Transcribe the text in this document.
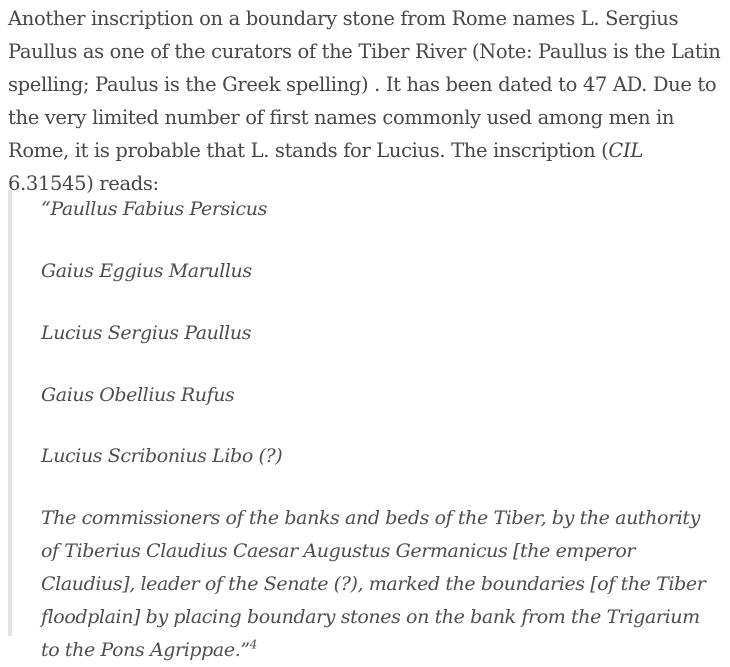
Another inscription on a boundary stone from Rome names L. Sergius Paullus as one of the curators of the Tiber River (Note: Paullus is the Latin spelling; Paulus is the Greek spelling) . It has been dated to 47 AD. Due to the very limited number of first names commonly used among men in Rome, it is probable that L. stands for Lucius. The inscription (CIL 6.31545) reads:

“Paullus Fabius Persicus

Gaius Eggius Marullus

Lucius Sergius Paullus

Gaius Obellius Rufus

Lucius Scribonius Libo (?)

The commissioners of the banks and beds of the Tiber, by the authority of Tiberius Claudius Caesar Augustus Germanicus [the emperor Claudius], leader of the Senate (?), marked the boundaries [of the Tiber floodplain] by placing boundary stones on the bank from the Trigarium to the Pons Agrippae.”$^4$
